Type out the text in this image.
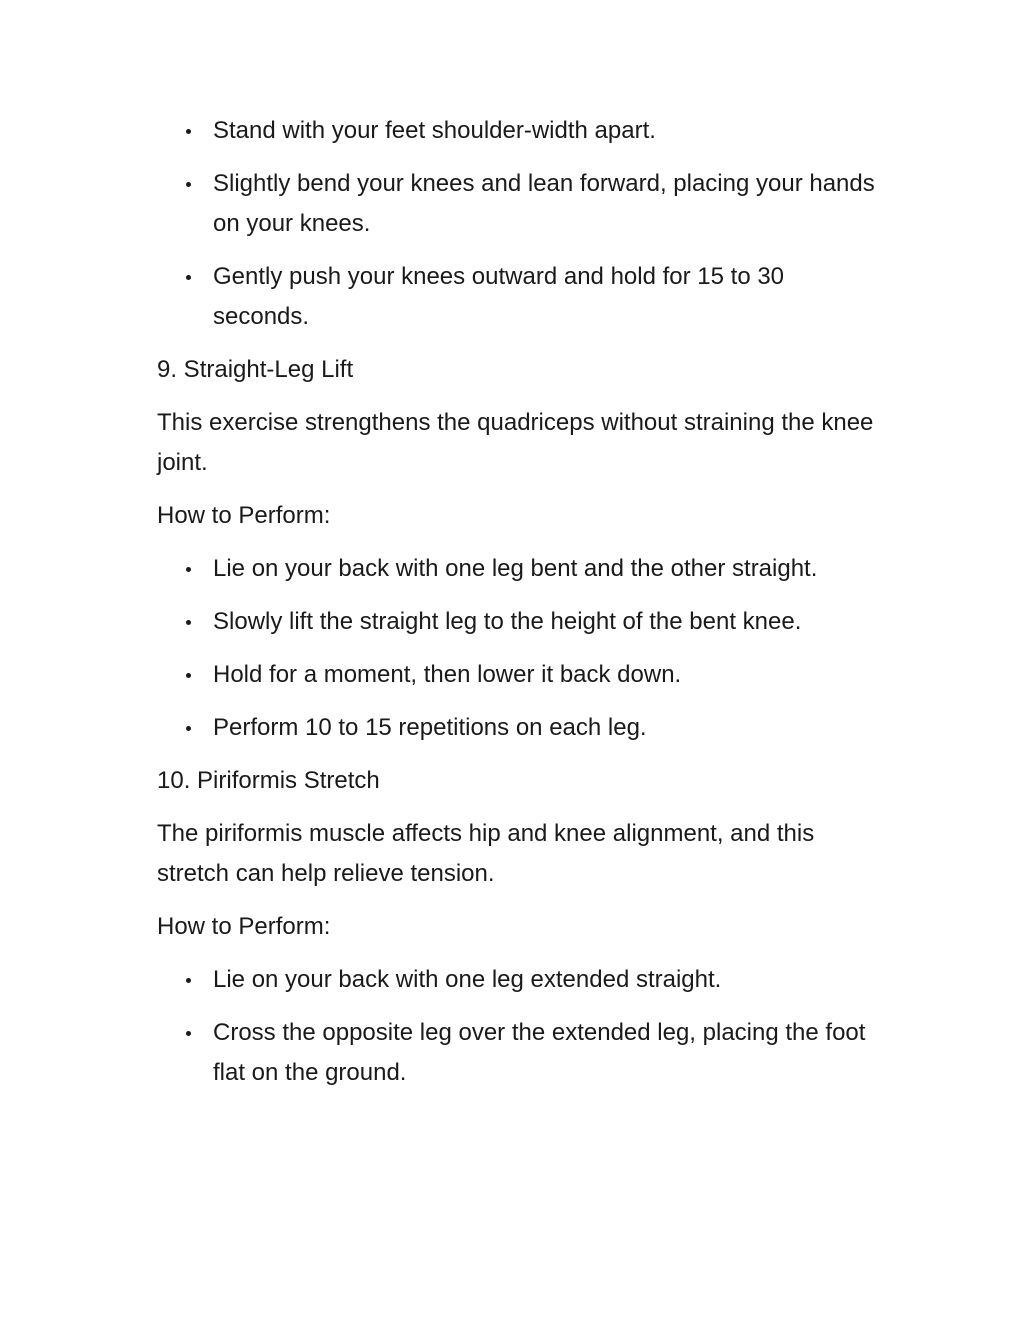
Stand with your feet shoulder-width apart.
Slightly bend your knees and lean forward, placing your hands on your knees.
Gently push your knees outward and hold for 15 to 30 seconds.

9. Straight-Leg Lift

This exercise strengthens the quadriceps without straining the knee joint.

How to Perform:

Lie on your back with one leg bent and the other straight.
Slowly lift the straight leg to the height of the bent knee.
Hold for a moment, then lower it back down.
Perform 10 to 15 repetitions on each leg.

10. Piriformis Stretch

The piriformis muscle affects hip and knee alignment, and this stretch can help relieve tension.

How to Perform:

Lie on your back with one leg extended straight.
Cross the opposite leg over the extended leg, placing the foot flat on the ground.
